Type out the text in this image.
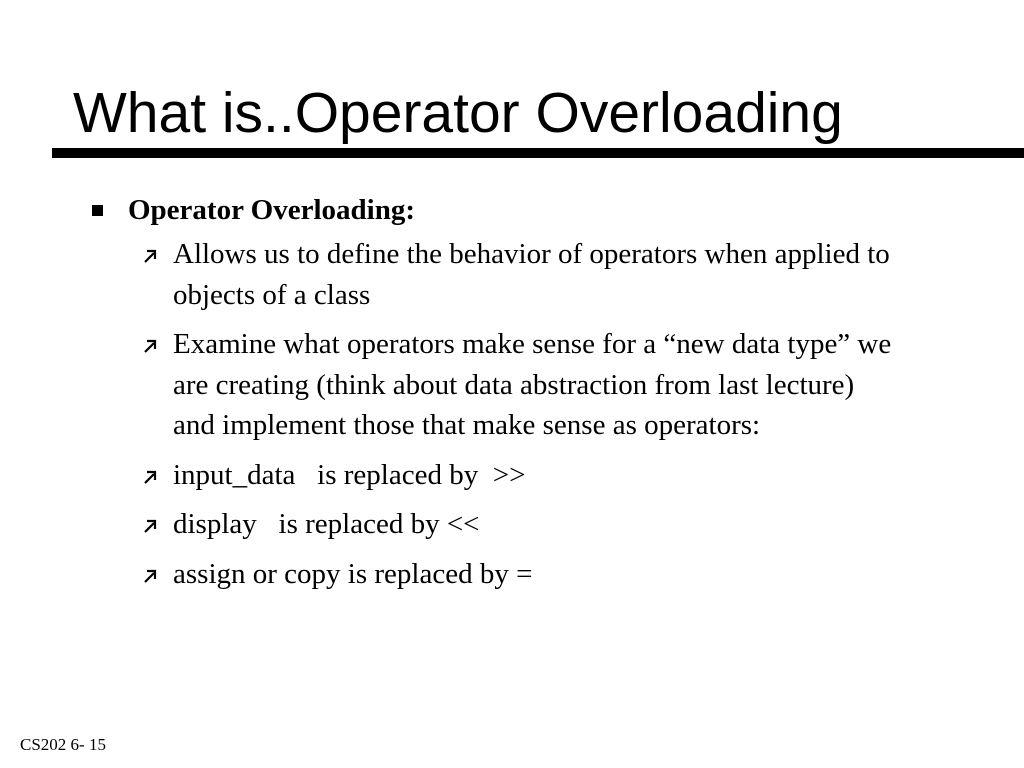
What is..Operator Overloading
Operator Overloading:
Allows us to define the behavior of operators when applied to objects of a class
Examine what operators make sense for a “new data type” we are creating (think about data abstraction from last lecture) and implement those that make sense as operators:
input_data   is replaced by  >>
display   is replaced by <<
assign or copy is replaced by =
CS202 6- 15
